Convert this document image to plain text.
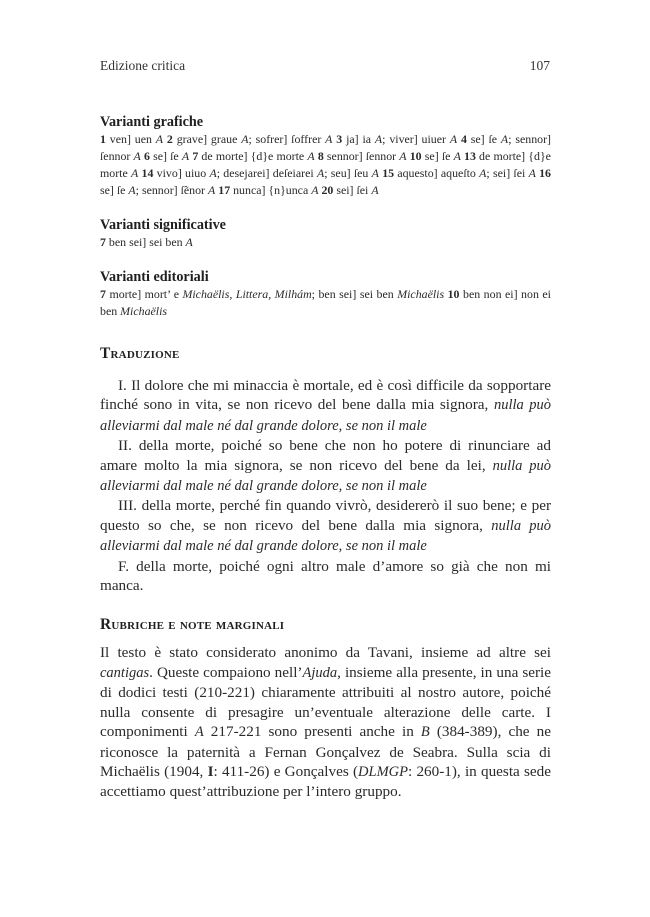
Edizione critica	107

Varianti grafiche

1 ven] uen A 2 grave] graue A; sofrer] ſoffrer A 3 ja] ia A; viver] uiuer A 4 se] ſe A; sennor] ſennor A 6 se] ſe A 7 de morte] {d}e morte A 8 sennor] ſennor A 10 se] ſe A 13 de morte] {d}e morte A 14 vivo] uiuo A; desejarei] deſeiarei A; seu] ſeu A 15 aquesto] aqueſto A; sei] ſei A 16 se] ſe A; sennor] ſẽnor A 17 nunca] {n}unca A 20 sei] ſei A

Varianti significative

7 ben sei] sei ben A

Varianti editoriali

7 morte] mort’ e Michaëlis, Littera, Milhám; ben sei] sei ben Michaëlis 10 ben non ei] non ei ben Michaëlis

Traduzione

I. Il dolore che mi minaccia è mortale, ed è così difficile da sopportare finché sono in vita, se non ricevo del bene dalla mia signora, nulla può alleviarmi dal male né dal grande dolore, se non il male

II. della morte, poiché so bene che non ho potere di rinunciare ad amare molto la mia signora, se non ricevo del bene da lei, nulla può alleviarmi dal male né dal grande dolore, se non il male

III. della morte, perché fin quando vivrò, desidererò il suo bene; e per questo so che, se non ricevo del bene dalla mia signora, nulla può alleviarmi dal male né dal grande dolore, se non il male

F. della morte, poiché ogni altro male d’amore so già che non mi manca.

Rubriche e note marginali

Il testo è stato considerato anonimo da Tavani, insieme ad altre sei cantigas. Queste compaiono nell’Ajuda, insieme alla presente, in una serie di dodici testi (210-221) chiaramente attribuiti al nostro autore, poiché nulla consente di presagire un’eventuale alterazione delle carte. I componimenti A 217-221 sono presenti anche in B (384-389), che ne riconosce la paternità a Fernan Gonçalvez de Seabra. Sulla scia di Michaëlis (1904, I: 411-26) e Gonçalves (DLMGP: 260-1), in questa sede accettiamo quest’attribuzione per l’intero gruppo.
